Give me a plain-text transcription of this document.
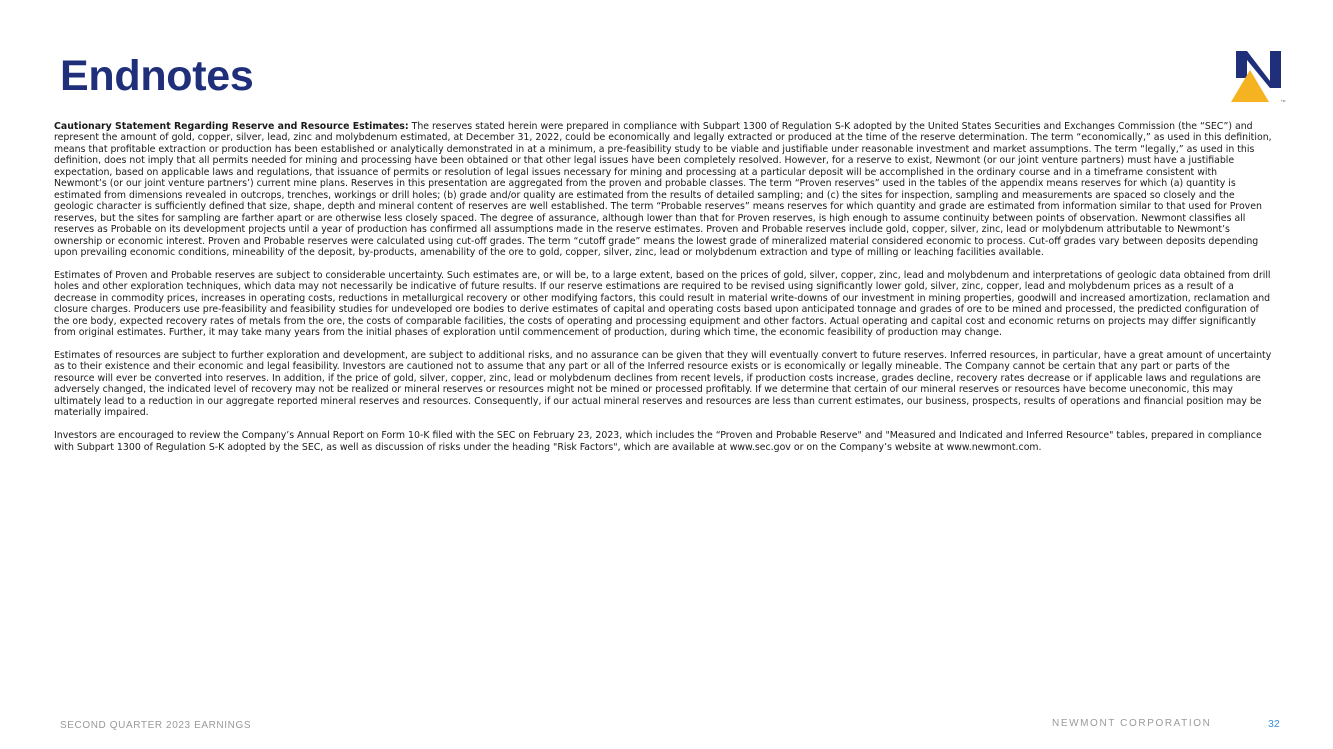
Endnotes
TM

Cautionary Statement Regarding Reserve and Resource Estimates: The reserves stated herein were prepared in compliance with Subpart 1300 of Regulation S-K adopted by the United States Securities and Exchanges Commission (the “SEC”) and represent the amount of gold, copper, silver, lead, zinc and molybdenum estimated, at December 31, 2022, could be economically and legally extracted or produced at the time of the reserve determination. The term “economically,” as used in this definition, means that profitable extraction or production has been established or analytically demonstrated in at a minimum, a pre-feasibility study to be viable and justifiable under reasonable investment and market assumptions. The term “legally,” as used in this definition, does not imply that all permits needed for mining and processing have been obtained or that other legal issues have been completely resolved. However, for a reserve to exist, Newmont (or our joint venture partners) must have a justifiable expectation, based on applicable laws and regulations, that issuance of permits or resolution of legal issues necessary for mining and processing at a particular deposit will be accomplished in the ordinary course and in a timeframe consistent with Newmont’s (or our joint venture partners’) current mine plans. Reserves in this presentation are aggregated from the proven and probable classes. The term “Proven reserves” used in the tables of the appendix means reserves for which (a) quantity is estimated from dimensions revealed in outcrops, trenches, workings or drill holes; (b) grade and/or quality are estimated from the results of detailed sampling; and (c) the sites for inspection, sampling and measurements are spaced so closely and the geologic character is sufficiently defined that size, shape, depth and mineral content of reserves are well established. The term “Probable reserves” means reserves for which quantity and grade are estimated from information similar to that used for Proven reserves, but the sites for sampling are farther apart or are otherwise less closely spaced. The degree of assurance, although lower than that for Proven reserves, is high enough to assume continuity between points of observation. Newmont classifies all reserves as Probable on its development projects until a year of production has confirmed all assumptions made in the reserve estimates. Proven and Probable reserves include gold, copper, silver, zinc, lead or molybdenum attributable to Newmont’s ownership or economic interest. Proven and Probable reserves were calculated using cut-off grades. The term “cutoff grade” means the lowest grade of mineralized material considered economic to process. Cut-off grades vary between deposits depending upon prevailing economic conditions, mineability of the deposit, by-products, amenability of the ore to gold, copper, silver, zinc, lead or molybdenum extraction and type of milling or leaching facilities available.

Estimates of Proven and Probable reserves are subject to considerable uncertainty. Such estimates are, or will be, to a large extent, based on the prices of gold, silver, copper, zinc, lead and molybdenum and interpretations of geologic data obtained from drill holes and other exploration techniques, which data may not necessarily be indicative of future results. If our reserve estimations are required to be revised using significantly lower gold, silver, zinc, copper, lead and molybdenum prices as a result of a decrease in commodity prices, increases in operating costs, reductions in metallurgical recovery or other modifying factors, this could result in material write-downs of our investment in mining properties, goodwill and increased amortization, reclamation and closure charges. Producers use pre-feasibility and feasibility studies for undeveloped ore bodies to derive estimates of capital and operating costs based upon anticipated tonnage and grades of ore to be mined and processed, the predicted configuration of the ore body, expected recovery rates of metals from the ore, the costs of comparable facilities, the costs of operating and processing equipment and other factors. Actual operating and capital cost and economic returns on projects may differ significantly from original estimates. Further, it may take many years from the initial phases of exploration until commencement of production, during which time, the economic feasibility of production may change.

Estimates of resources are subject to further exploration and development, are subject to additional risks, and no assurance can be given that they will eventually convert to future reserves. Inferred resources, in particular, have a great amount of uncertainty as to their existence and their economic and legal feasibility. Investors are cautioned not to assume that any part or all of the Inferred resource exists or is economically or legally mineable. The Company cannot be certain that any part or parts of the resource will ever be converted into reserves. In addition, if the price of gold, silver, copper, zinc, lead or molybdenum declines from recent levels, if production costs increase, grades decline, recovery rates decrease or if applicable laws and regulations are adversely changed, the indicated level of recovery may not be realized or mineral reserves or resources might not be mined or processed profitably. If we determine that certain of our mineral reserves or resources have become uneconomic, this may ultimately lead to a reduction in our aggregate reported mineral reserves and resources. Consequently, if our actual mineral reserves and resources are less than current estimates, our business, prospects, results of operations and financial position may be materially impaired.

Investors are encouraged to review the Company’s Annual Report on Form 10-K filed with the SEC on February 23, 2023, which includes the “Proven and Probable Reserve" and "Measured and Indicated and Inferred Resource" tables, prepared in compliance with Subpart 1300 of Regulation S-K adopted by the SEC, as well as discussion of risks under the heading "Risk Factors", which are available at www.sec.gov or on the Company’s website at www.newmont.com.

SECOND QUARTER 2023 EARNINGS	NEWMONT CORPORATION	32
